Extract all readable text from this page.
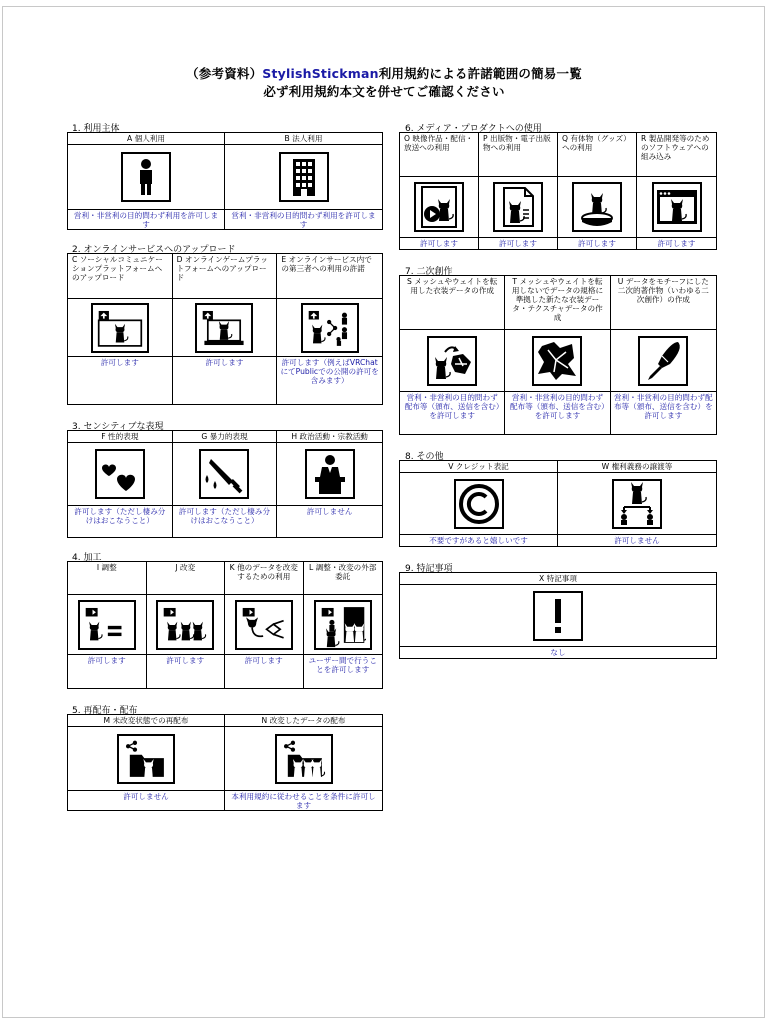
（参考資料）StylishStickman利用規約による許諾範囲の簡易一覧
必ず利用規約本文を併せてご確認ください
1. 利用主体
A 個人利用
営利・非営利の目的問わず利用を許可します
B 法人利用
営利・非営利の目的問わず利用を許可します
2. オンラインサービスへのアップロード
C ソーシャルコミュニケーションプラットフォームへのアップロード
許可します
D オンラインゲームプラットフォームへのアップロード
許可します
E オンラインサービス内での第三者への利用の許諾
許可します（例えばVRChatにてPublicでの公開の許可を含みます）
3. センシティブな表現
F 性的表現
許可します（ただし棲み分けはおこなうこと）
G 暴力的表現
許可します（ただし棲み分けはおこなうこと）
H 政治活動・宗教活動
許可しません
4. 加工
I 調整
許可します
J 改変
許可します
K 他のデータを改変するための利用
許可します
L 調整・改変の外部委託
ユーザー間で行うことを許可します
5. 再配布・配布
M 未改変状態での再配布
許可しません
N 改変したデータの配布
本利用規約に従わせることを条件に許可します
6. メディア・プロダクトへの使用
O 映像作品・配信・放送への利用
許可します
P 出版物・電子出版物への利用
許可します
Q 有体物（グッズ）への利用
許可します
R 製品開発等のためのソフトウェアへの組み込み
許可します
7. 二次創作
S メッシュやウェイトを転用した衣装データの作成
営利・非営利の目的問わず配布等（頒布、送信を含む）を許可します
T メッシュやウェイトを転用しないでデータの規格に準拠した新たな衣装データ・テクスチャデータの作成
営利・非営利の目的問わず配布等（頒布、送信を含む）を許可します
U データをモチーフにした二次的著作物（いわゆる二次創作）の作成
営利・非営利の目的問わず配布等（頒布、送信を含む）を許可します
8. その他
V クレジット表記
不要ですがあると嬉しいです
W 権利義務の譲渡等
許可しません
9. 特記事項
X 特記事項
なし
